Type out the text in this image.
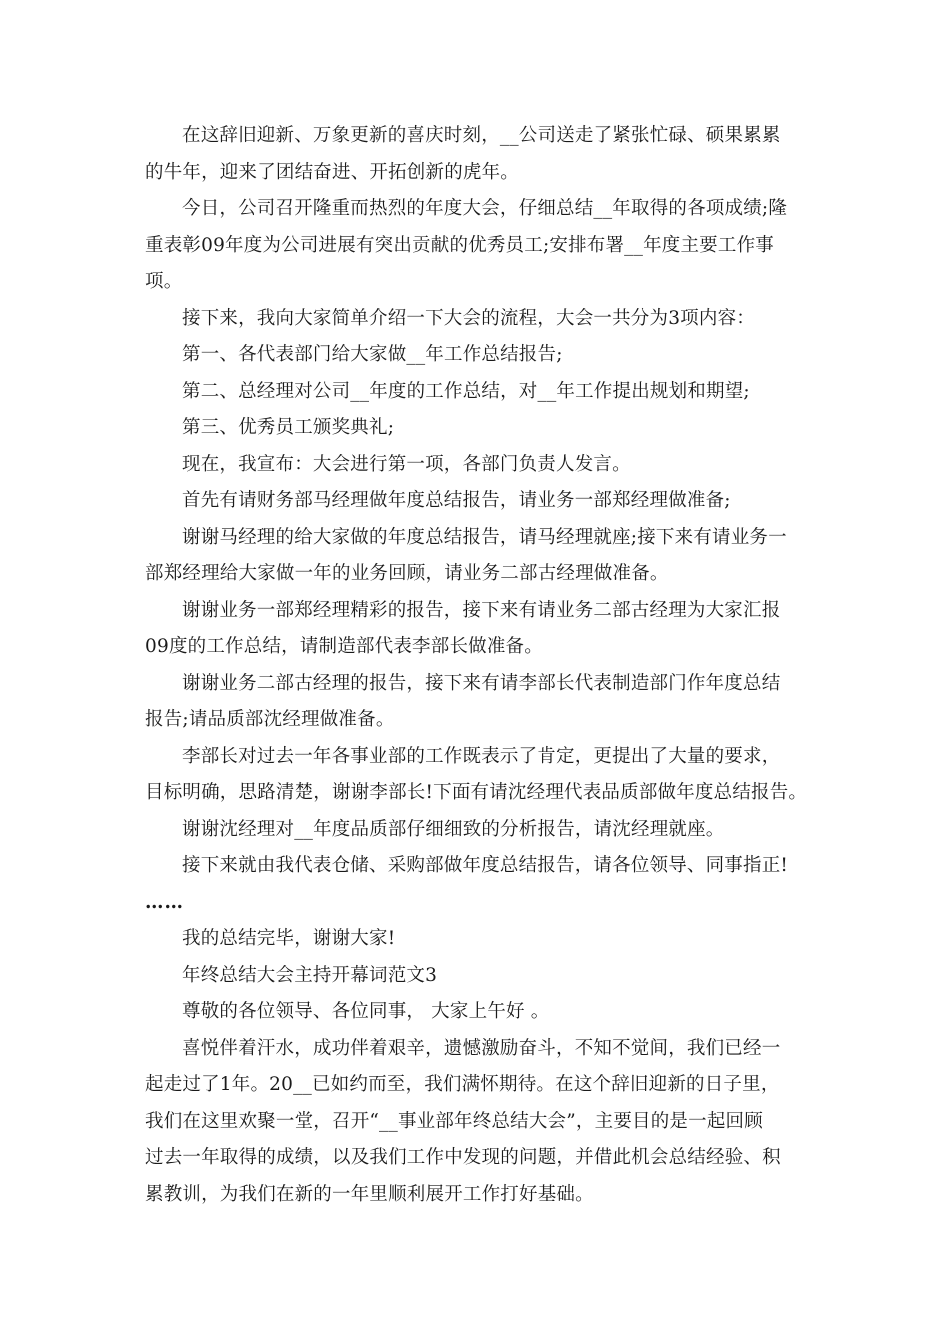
在这辞旧迎新、万象更新的喜庆时刻，__公司送走了紧张忙碌、硕果累累

的牛年，迎来了团结奋进、开拓创新的虎年。

今日，公司召开隆重而热烈的年度大会，仔细总结__年取得的各项成绩;隆

重表彰09年度为公司进展有突出贡献的优秀员工;安排布署__年度主要工作事

项。

接下来，我向大家简单介绍一下大会的流程，大会一共分为3项内容：

第一、各代表部门给大家做__年工作总结报告;

第二、总经理对公司__年度的工作总结，对__年工作提出规划和期望;

第三、优秀员工颁奖典礼;

现在，我宣布：大会进行第一项，各部门负责人发言。

首先有请财务部马经理做年度总结报告，请业务一部郑经理做准备;

谢谢马经理的给大家做的年度总结报告，请马经理就座;接下来有请业务一

部郑经理给大家做一年的业务回顾，请业务二部古经理做准备。

谢谢业务一部郑经理精彩的报告，接下来有请业务二部古经理为大家汇报

09度的工作总结，请制造部代表李部长做准备。

谢谢业务二部古经理的报告，接下来有请李部长代表制造部门作年度总结

报告;请品质部沈经理做准备。

李部长对过去一年各事业部的工作既表示了肯定，更提出了大量的要求，

目标明确，思路清楚，谢谢李部长!下面有请沈经理代表品质部做年度总结报告。

谢谢沈经理对__年度品质部仔细细致的分析报告，请沈经理就座。

接下来就由我代表仓储、采购部做年度总结报告，请各位领导、同事指正!

……

我的总结完毕，谢谢大家!

年终总结大会主持开幕词范文3

尊敬的各位领导、各位同事， 大家上午好 。

喜悦伴着汗水，成功伴着艰辛，遗憾激励奋斗，不知不觉间，我们已经一

起走过了1年。20__已如约而至，我们满怀期待。在这个辞旧迎新的日子里，

我们在这里欢聚一堂，召开“__事业部年终总结大会”，主要目的是一起回顾

过去一年取得的成绩，以及我们工作中发现的问题，并借此机会总结经验、积

累教训，为我们在新的一年里顺利展开工作打好基础。
